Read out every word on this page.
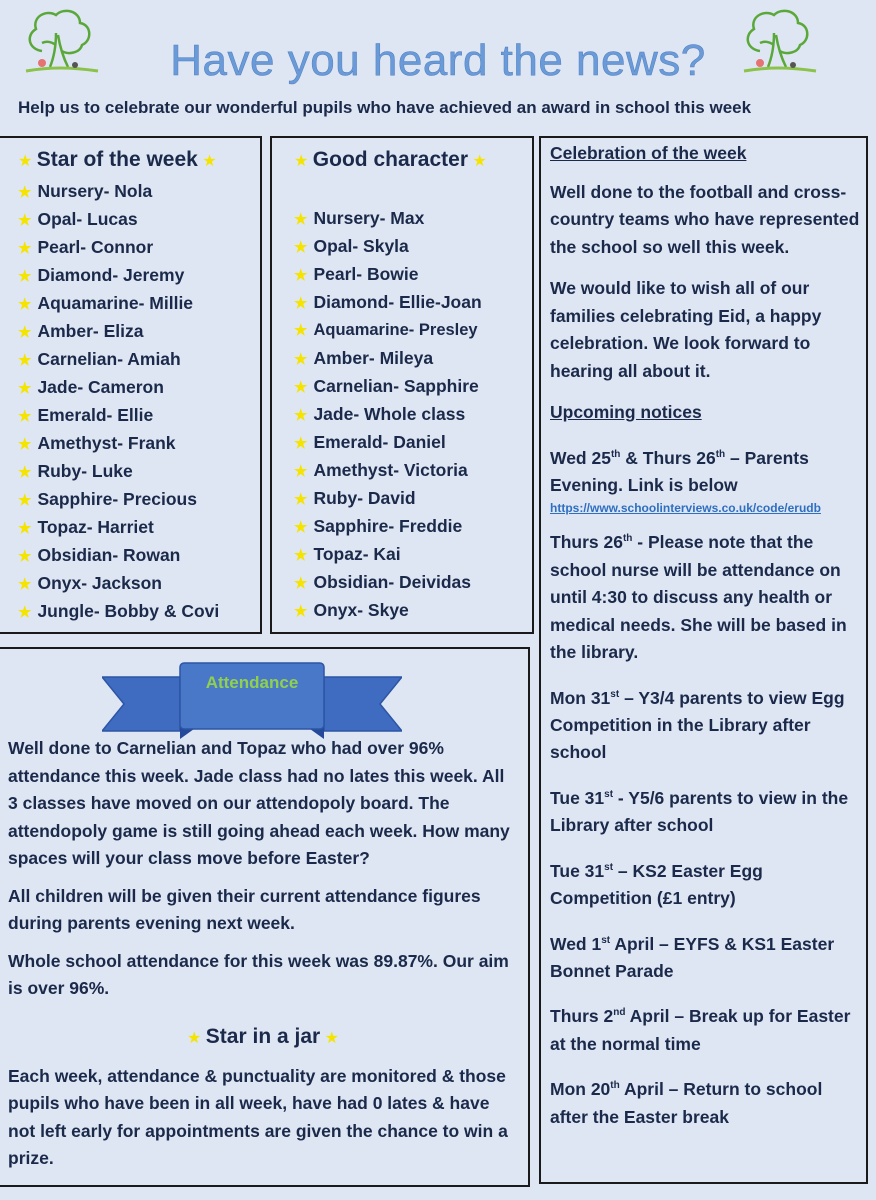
Have you heard the news?
Help us to celebrate our wonderful pupils who have achieved an award in school this week
★ Star of the week ★
★ Nursery- Nola
★ Opal- Lucas
★ Pearl- Connor
★ Diamond- Jeremy
★ Aquamarine- Millie
★ Amber- Eliza
★ Carnelian- Amiah
★ Jade- Cameron
★ Emerald- Ellie
★ Amethyst- Frank
★ Ruby- Luke
★ Sapphire- Precious
★ Topaz- Harriet
★ Obsidian- Rowan
★ Onyx- Jackson
★ Jungle- Bobby & Covi
★ Good character ★
★ Nursery- Max
★ Opal- Skyla
★ Pearl- Bowie
★ Diamond- Ellie-Joan
★ Aquamarine- Presley
★ Amber- Mileya
★ Carnelian- Sapphire
★ Jade- Whole class
★ Emerald- Daniel
★ Amethyst- Victoria
★ Ruby- David
★ Sapphire- Freddie
★ Topaz- Kai
★ Obsidian- Deividas
★ Onyx- Skye
Celebration of the week
Well done to the football and cross-country teams who have represented the school so well this week.
We would like to wish all of our families celebrating Eid, a happy celebration. We look forward to hearing all about it.
Upcoming notices
Wed 25th & Thurs 26th – Parents Evening. Link is below
https://www.schoolinterviews.co.uk/code/erudb
Thurs 26th - Please note that the school nurse will be attendance on until 4:30 to discuss any health or medical needs. She will be based in the library.
Mon 31st – Y3/4 parents to view Egg Competition in the Library after school
Tue 31st - Y5/6 parents to view in the Library after school
Tue 31st – KS2 Easter Egg Competition (£1 entry)
Wed 1st April – EYFS & KS1 Easter Bonnet Parade
Thurs 2nd April – Break up for Easter at the normal time
Mon 20th April – Return to school after the Easter break
Attendance
Well done to Carnelian and Topaz who had over 96% attendance this week. Jade class had no lates this week. All 3 classes have moved on our attendopoly board. The attendopoly game is still going ahead each week. How many spaces will your class move before Easter?
All children will be given their current attendance figures during parents evening next week.
Whole school attendance for this week was 89.87%. Our aim is over 96%.
★ Star in a jar ★
Each week, attendance & punctuality are monitored & those pupils who have been in all week, have had 0 lates & have not left early for appointments are given the chance to win a prize.
